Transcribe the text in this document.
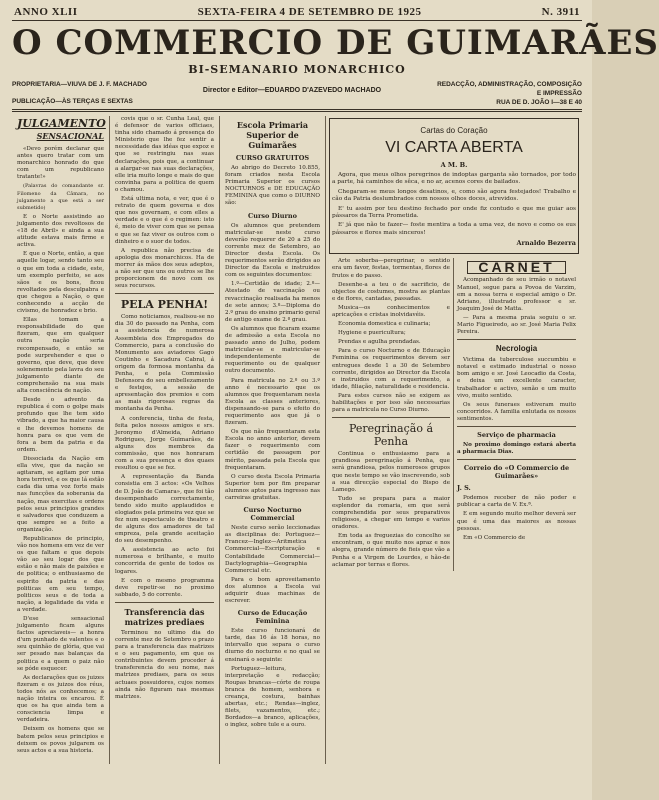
ANNO XLII	SEXTA-FEIRA 4 DE SETEMBRO DE 1925	N. 3911
O COMMERCIO DE GUIMARÃES
BI-SEMANARIO MONARCHICO
PROPRIETARIA—VIUVA DE J. F. MACHADO
PUBLICAÇÃO—ÀS TERÇAS E SEXTAS
Director e Editor—EDUARDO D'AZEVEDO MACHADO
REDACÇÃO, ADMINISTRAÇÃO, COMPOSIÇÃO
E IMPRESSÃO
RUA DE D. JOÃO I—38 E 40
JULGAMENTO
SENSACIONAL

«Devo porém declarar que antes quero tratar com um monarchico honrado do que com um republicano tratante!»

(Palavras do comandante sr. Filomeno da Câmara, no julgamento a que está a ser submetido)

E o Norte assistindo ao julgamento dos revoltosos de «18 de Abril» e ainda a sua atitude estava mais firme e activa.

E que o Norte, então, a que aquelle logar, sendo tanto seu o que em toda a cidade, este, um exemplo perfeito, se aos sãos e os bons, ficou revoltados pela desculpabra e que chegou a Nação, o que conhecendo a acção de civismo, de honradez e brio.

Ellas tomam a responsabilidade do que fizeram, que em qualquer outra nação seria recompensado, e então se pode surprehender e que o governo, que deve, que deve solenemente pela lavra do seu julgamento diante de comprehensão na sua mais alta consciência de nação.

Desde o advento da republica é com o golpe mais profundo que lhe tem sido vibrado, a que ha maior causa e lhe devemos homens de honra para os que vem de fora a bem da patria e da ordem.

Dissociada da Nação em ella vive, que da nação se agitaram, se agitam por uma hora terrivel, e os que lá estão cada dia uma voz forte mais nas funcções da soberania da nação, mas exercitas e ordens pelos seus principios grandes e salvadores que conduzem a que sempre se a feito a organização.

Republicanos de principio, vão nos homens em vez de ver os que faltam e que depois vão ao seu logar dos que estão e não mais de paixões e de politica; o enthusiasmo de espirito da patria e das politicas em seu tempo, politicos seus e de toda a nação, a legalidade da vida e a verdade.

D'ese sensacional julgamento ficam alguns factos apreciaveis— a honra d'um punhado de valentes e o seu quinhão de glória, que vai ser pesado nas balanças da politica e a quem o paiz não se póde esquecer.

As declarações que os juizes fizeram e os juizos dos réus, todos nós as conhecemos; a nação inteira os encarou. É que os ha que ainda tem a consciencia limpa e verdadeira.

Deixem os homens que se batem pelos seus principios e deixem os povos julgarem os seus actos e a sua historia.

covis que o sr. Cunha Leal, que é defensor de varios officiaes, tinha sido chamado á presença do Ministerio que lhe fez sentir a necessidade das idéas que expoz e que se restringiu nas suas declarações, pois que, a continuar a alargar-se nas suas declarações, elle iria muito longe e mais do que convinha para a politica de quem o chamou.

Está ultima nota, e ver, que é o retrato de quem governa e dos que nos governam, e com elles a verdade e o que é o regimen: isto é, meio de viver com que se pensa e que se faz viver os outros com o dinheiro e o suor de todos.

A republica não precisa de apologia dos monarchicos. Ha de morrer ás mãos dos seus adeptos, a não ser que uns ou outros se lhe proporcionem de novo com os seus recursos.

PELA PENHA!

Como noticiamos, realisou-se no dia 30 do passado na Penha, com a assistencia de numerosa Assembleia dos Empregados do Commercio, para a conclusão do Monumento aos aviadores Gago Coutinho e Sacadura Cabral, á origem da formosa montanha da Penha, e pela Commissão Defensora do seu embellezamento e festejos, a sessão de apresentação dos premios e com as mais rigorosas regras da montanha da Penha.

A conferencia, tinha de festa, feita pelos nossos amigos e srs. Jeronymo d'Almeida, Adriano Rodrigues, Jorge Guimarães, de alguns dos membros da commissão, que nos honraram com a sua presença e dos quaes resultou o que se fez.

A representação da Banda consistia em 3 actos: «Os Velhos de D. João de Camara», que foi tão desempenhado correctamente, tendo sido muito applaudidos e elogiados pela primeira vez que se fez num espectaculo de theatro e de alguns dos amadores de tal empreza, pela grande aceitação do seu desempenho.

A assistencia ao acto foi numerosa e brilhante, e muito concorrida de gente de todos os logares.

E com o mesmo programma deve repetir-se no proximo sabbado, 5 do corrente.

Transferencia das matrizes prediaes

Terminou no ultimo dia do corrente mez de Setembro o prazo para a transferencia das matrizes e o seu pagamento, em que os contribuintes devem proceder á transferencia do seu nome, nas matrizes prediaes, para os seus actuaes possuidores, cujos nomes ainda não figuram nas mesmas matrizes.

Escola Primaria Superior de Guimarães
CURSO GRATUITOS

Ao abrigo do Decreto 10.855, foram criados nesta Escola Primaria Superior os cursos NOCTURNOS e DE EDUCAÇÃO FEMININA que como o DIURNO são:

Curso Diurno

Os alumnos que pretendem matricular-se neste curso deverão requerer de 20 a 25 do corrente mez de Setembro, ao Director desta Escola. Os requerimentos serão dirigidos ao Director da Escola e instruidos com os seguintes documentos:

1.º—Certidão de idade; 2.º—Atestado de vaccinação ou revaccinação realisada ha menos de sete annos; 3.º—Diploma do 2.º grau do ensino primario geral de antigo exame de 2.º grau.

Os alumnos que ficaram exame de admissão a esta Escola no passado anno de Julho, podem matricular-se e matricular-se independentemente de requerimento ou de qualquer outro documento.

Para matricula no 2.º ou 3.º anno é necessario que os alumnos que frequentaram nesta Escola as classes anteriores, dispensando-se para o efeito do requerimento aos que já o fizeram.

Os que não frequentaram esta Escola no anno anterior, devem fazer o requerimento com certidão de passagem por mérito, passada pela Escola que frequentaram.

O curso desta Escola Primaria Superior tem por fim preparar alumnos aptos para ingresso nas carreiras gratuitas.

Curso Nocturno Commercial

Neste curso serão leccionadas as disciplinas de: Portuguez—Francez—Inglez—Aritmetica Commercial—Escripturação e Contabilidade Commercial—Dactylographia—Geographia Commercial etc.

Para o bom aproveitamento dos alumnos a Escola vai adquirir duas machinas de escrever.

Curso de Educação Feminina

Este curso funcionará de tarde, das 16 ás 18 horas, no intervallo que separa o curso diurno do nocturno e no qual se ensinará o seguinte:

Portuguez—leitura, interpretação e redacção; Roupas brancas—córte de roupa branca de homem, senhora e creança, costura, bainhas abertas, etc.; Rendas—inglez, filets, vazamentos, etc.; Bordados—a branco, aplicações, o inglez, sobre tule e a ouro.

Cartas do Coração
VI CARTA ABERTA
A M. B.

Agora, que meus olhos peregrinos de indoptas garganta são tornados, por todo a parte, há caminhos de sêca, e no ar, acenos cores de bailados.

Chegaram-se meus longos desatinos, e, como são agora festejados! Trabalho e cão da Patria deslumbrados com nossos olhos doces, atrevidos.

E' tu assim por teu destino fechado por onde fiz contudo e que me guiar aos pássaros da Terra Prometida.

E' já que não te fazer— foste mentira a toda a uma vez, de novo e como os eus pássaros e flores mais sinceros!

Arnaldo Bezerra

Arte soberba—peregrinar, o sentido era um favor, festas, tormentas, flores de frutos e do passo.

Desenhe-a a teu o de sacrificio, de objectos de costumes, mostra as plantas e de flores, cantadas, passadas.

Musica—os conhecimentos e apricações e cristas inolvidavéis.

Economia domestica e culinaria;

Hygiene e puericultura;

Prendas e agulha prendadas.

Para o curso Nocturno e de Educação Feminina os requerimentos devem ser entregues desde 1 a 30 de Setembro corrente, dirigidos ao Director da Escola e instruidos com a requerimento, a idade, filiação, naturalidade e residencia.

Para estes cursos não se exigem as habilitações e por isso são necessarias para a matricula no Curso Diurno.

Peregrinação á Penha

Continua o enthusiasmo para a grandiosa peregrinação á Penha, que será grandiosa, pelos numerosos grupos que neste tempo se vão inscrevendo, sob a sua direcção especial do Bispo de Lamego.

Tudo se prepara para a maior esplendor da romaria, em que será comprehendida por seus preparativos religiosos, a chegar em tempo e varios oradores.

Em toda as freguezias do concelho se encontram, o que muito nos apraz e nos alegra, grande número de fieis que vão a Penha e a Virgem de Lourdes, e hão-de aclamar por terras e flores.

CARNET

Acompanhado de seu irmão o notavel Manuel, segue para a Povoa de Varzim, em a nossa terra e especial amigo o Dr. Adriano, illustrado professor e sr. Joaquim José de Matta.

— Para a mesma praia seguiu o sr. Mario Figueiredo, ao sr. José Maria Felix Pereira.

Necrologia

Victima da tuberculose succumbiu e notavel e estimado industrial o nosso bom amigo e sr. José Leocadio da Costa, e deixa um excellente caracter, trabalhador e activo, senão e um muito vivo, muito sentido.

Os seus funeraes estiveram muito concorridos. A familia enlutada os nossos sentimentos.

Serviço de pharmacia

No proximo domingo estará aberta a pharmacia Dias.

Correio do «O Commercio de Guimarães»
J. S.

Podemos receber de não poder e publicar a carta de V. Ex.ª.

E em segundo muito melhor deverá ser que é uma das maiores as nossas pessoas.

Em «O Commercio de
